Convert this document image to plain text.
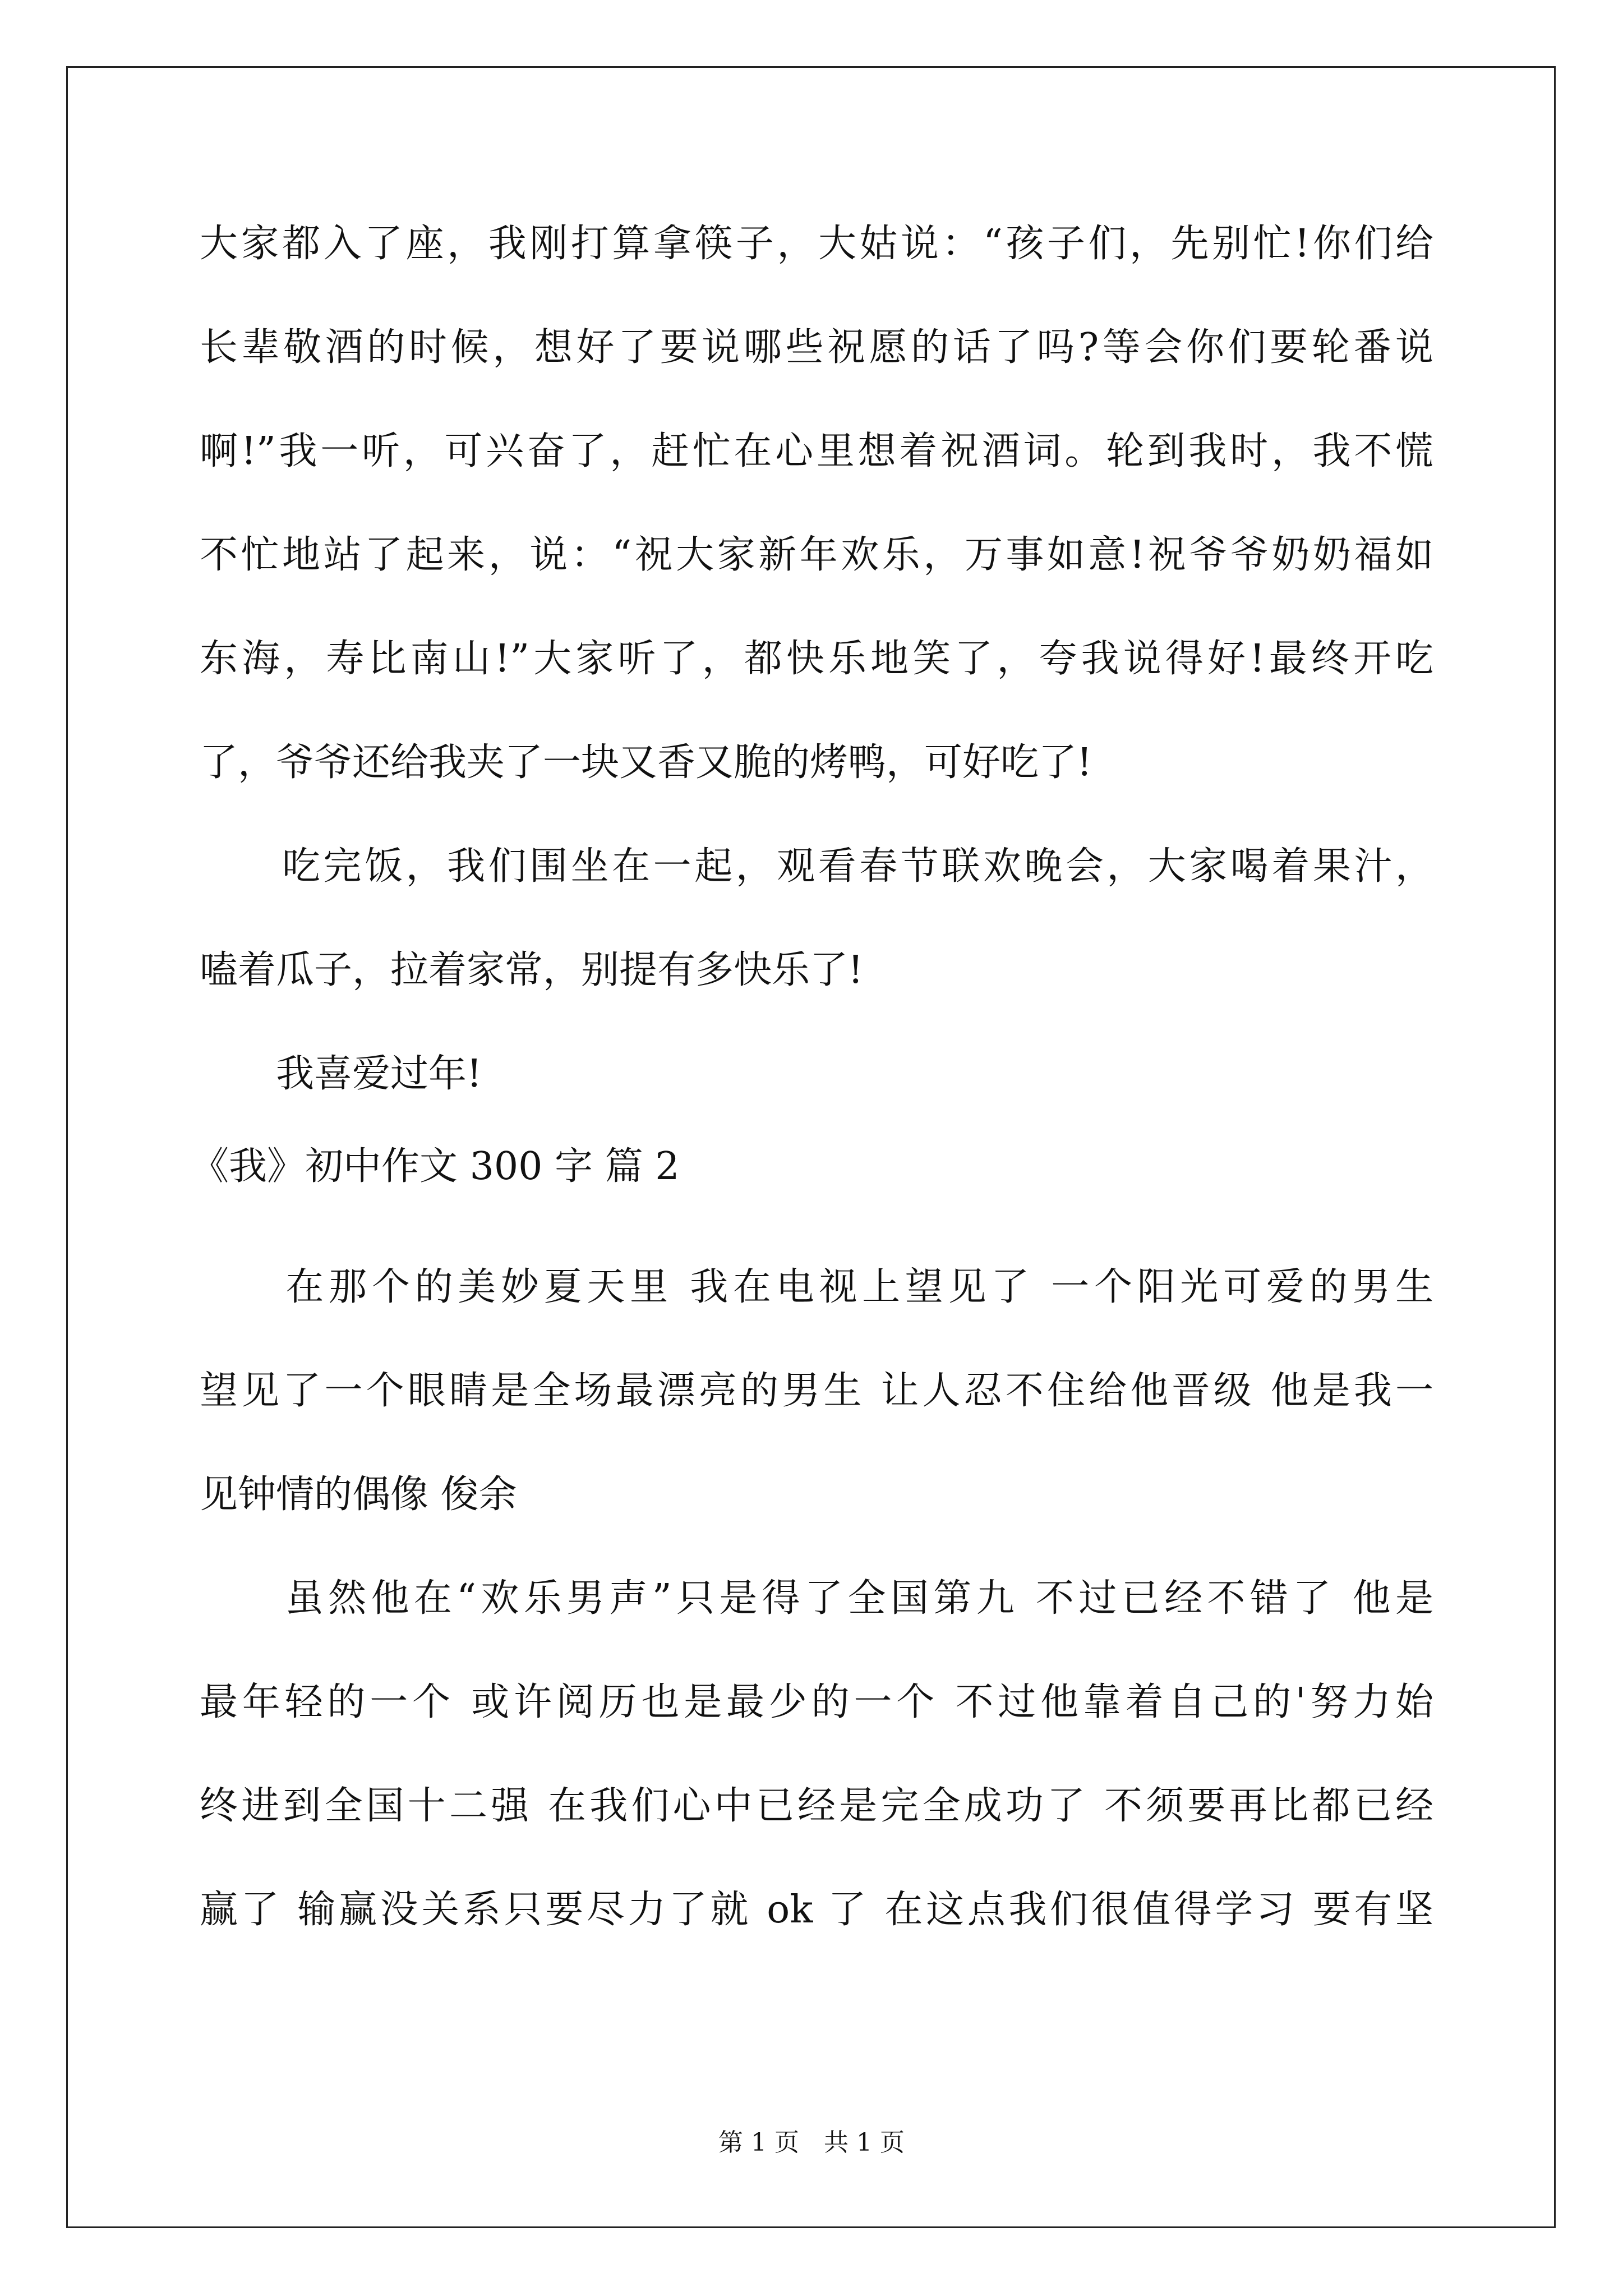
大家都入了座，我刚打算拿筷子，大姑说：“孩子们，先别忙!你们给
长辈敬酒的时候，想好了要说哪些祝愿的话了吗?等会你们要轮番说
啊!”我一听，可兴奋了，赶忙在心里想着祝酒词。轮到我时，我不慌
不忙地站了起来，说：“祝大家新年欢乐，万事如意!祝爷爷奶奶福如
东海，寿比南山!”大家听了，都快乐地笑了，夸我说得好!最终开吃
了，爷爷还给我夹了一块又香又脆的烤鸭，可好吃了!
　　吃完饭，我们围坐在一起，观看春节联欢晚会，大家喝着果汁，
嗑着瓜子，拉着家常，别提有多快乐了!
　　我喜爱过年!
《我》初中作文 300 字 篇 2
　　在那个的美妙夏天里 我在电视上望见了 一个阳光可爱的男生
望见了一个眼睛是全场最漂亮的男生 让人忍不住给他晋级 他是我一
见钟情的偶像 俊余
　　虽然他在“欢乐男声”只是得了全国第九 不过已经不错了 他是
最年轻的一个 或许阅历也是最少的一个 不过他靠着自己的'努力始
终进到全国十二强 在我们心中已经是完全成功了 不须要再比都已经
赢了 输赢没关系只要尽力了就 ok 了 在这点我们很值得学习 要有坚
第 1 页　共 1 页
